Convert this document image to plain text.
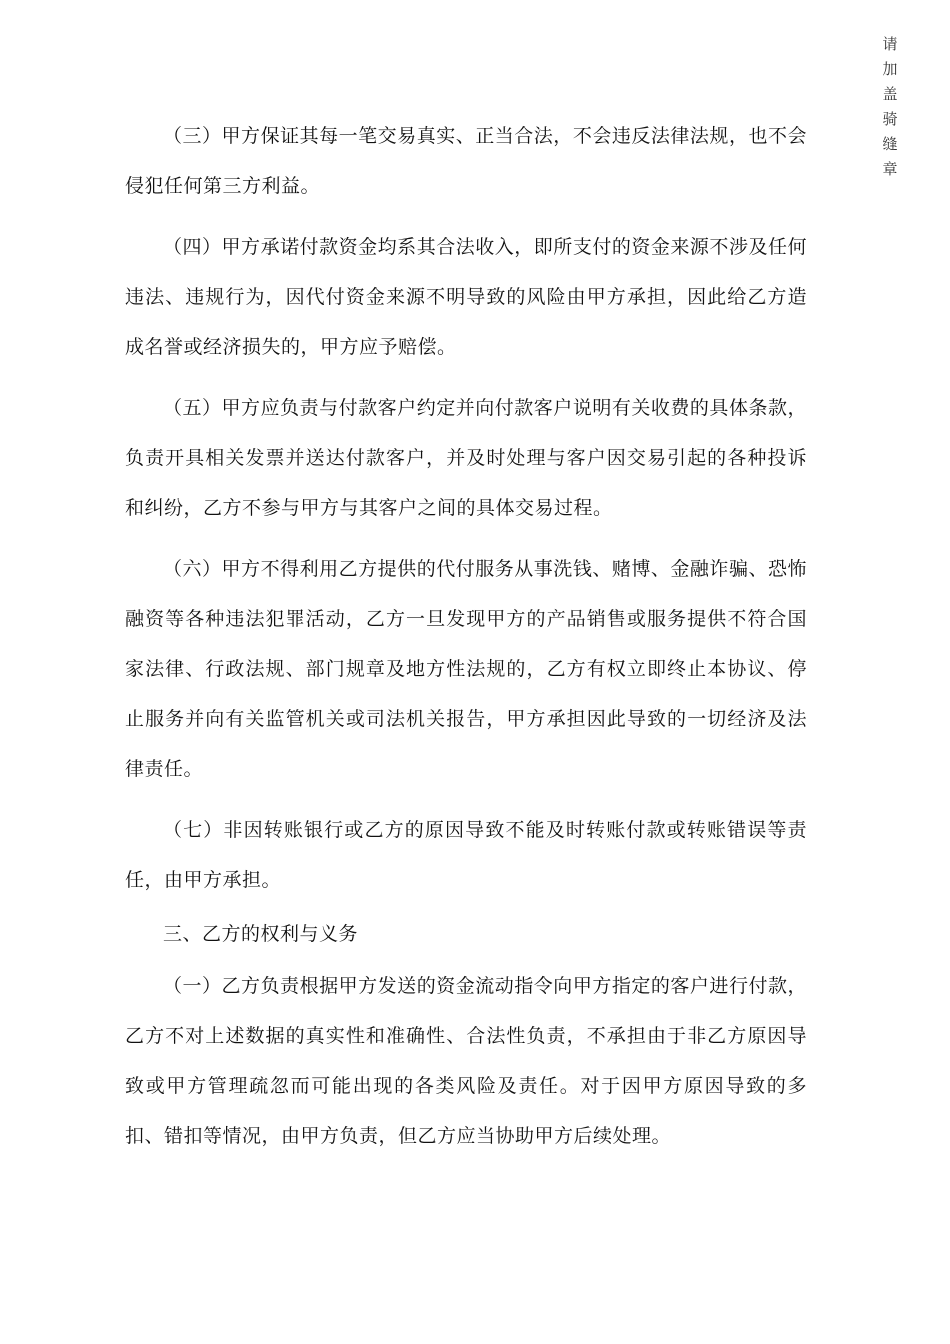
请
加
盖
骑
缝
章

（三）甲方保证其每一笔交易真实、正当合法，不会违反法律法规，也不会侵犯任何第三方利益。

（四）甲方承诺付款资金均系其合法收入，即所支付的资金来源不涉及任何违法、违规行为，因代付资金来源不明导致的风险由甲方承担，因此给乙方造成名誉或经济损失的，甲方应予赔偿。

（五）甲方应负责与付款客户约定并向付款客户说明有关收费的具体条款，负责开具相关发票并送达付款客户，并及时处理与客户因交易引起的各种投诉和纠纷，乙方不参与甲方与其客户之间的具体交易过程。

（六）甲方不得利用乙方提供的代付服务从事洗钱、赌博、金融诈骗、恐怖融资等各种违法犯罪活动，乙方一旦发现甲方的产品销售或服务提供不符合国家法律、行政法规、部门规章及地方性法规的，乙方有权立即终止本协议、停止服务并向有关监管机关或司法机关报告，甲方承担因此导致的一切经济及法律责任。

（七）非因转账银行或乙方的原因导致不能及时转账付款或转账错误等责任，由甲方承担。

三、乙方的权利与义务

（一）乙方负责根据甲方发送的资金流动指令向甲方指定的客户进行付款，乙方不对上述数据的真实性和准确性、合法性负责，不承担由于非乙方原因导致或甲方管理疏忽而可能出现的各类风险及责任。对于因甲方原因导致的多扣、错扣等情况，由甲方负责，但乙方应当协助甲方后续处理。
